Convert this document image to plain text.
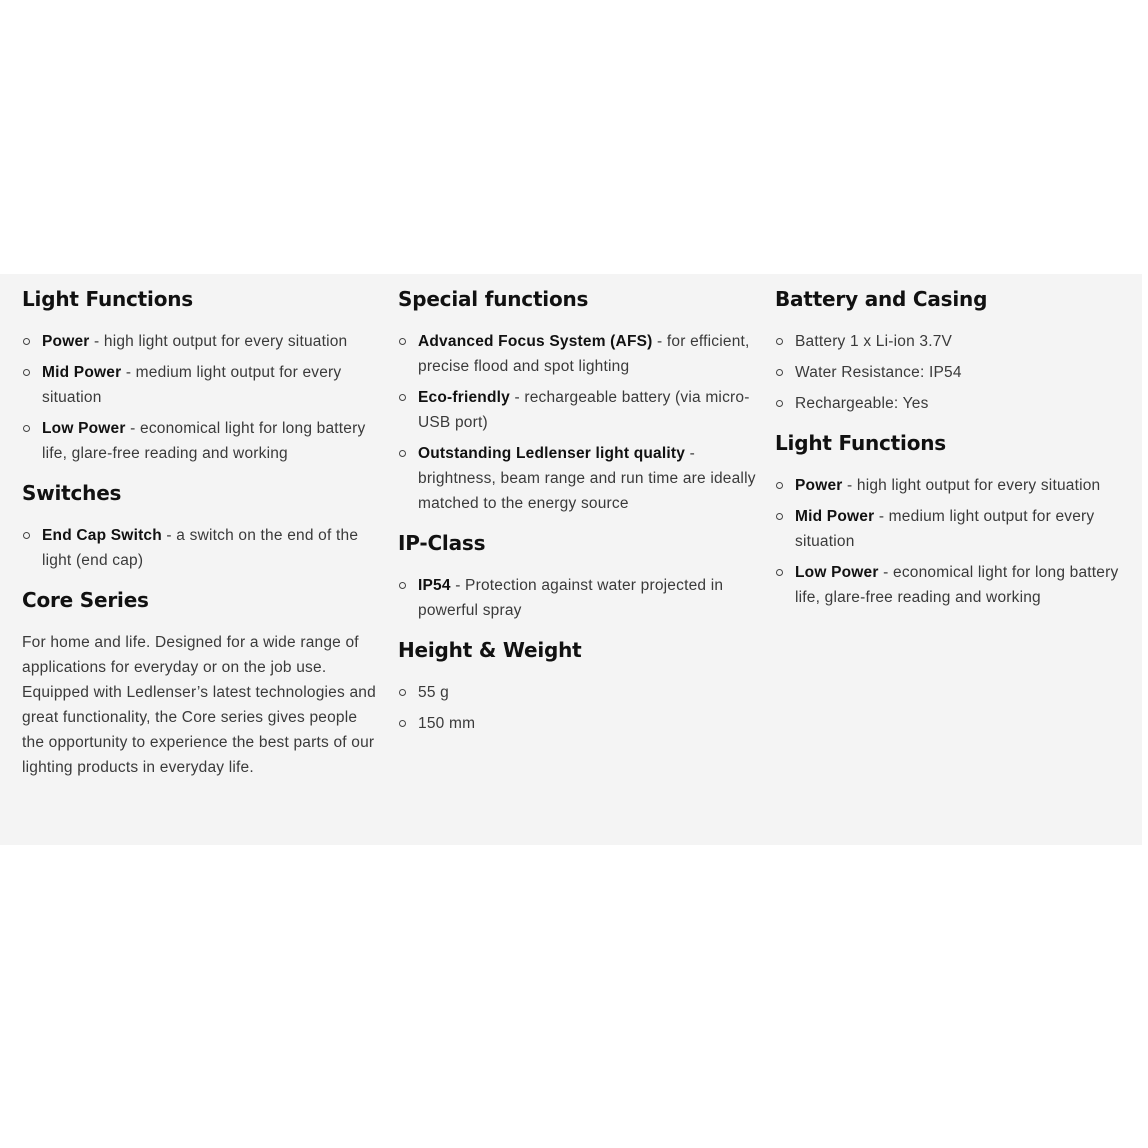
Light Functions
Power - high light output for every situation
Mid Power - medium light output for every situation
Low Power - economical light for long battery life, glare-free reading and working
Switches
End Cap Switch - a switch on the end of the light (end cap)
Core Series

For home and life. Designed for a wide range of applications for everyday or on the job use. Equipped with Ledlenser’s latest technologies and great functionality, the Core series gives people the opportunity to experience the best parts of our lighting products in everyday life.

Special functions
Advanced Focus System (AFS) - for efficient, precise flood and spot lighting
Eco-friendly - rechargeable battery (via micro-USB port)
Outstanding Ledlenser light quality - brightness, beam range and run time are ideally matched to the energy source
IP-Class
IP54 - Protection against water projected in powerful spray
Height & Weight
55 g
150 mm
Battery and Casing
Battery 1 x Li-ion 3.7V
Water Resistance: IP54
Rechargeable: Yes
Light Functions
Power - high light output for every situation
Mid Power - medium light output for every situation
Low Power - economical light for long battery life, glare-free reading and working
